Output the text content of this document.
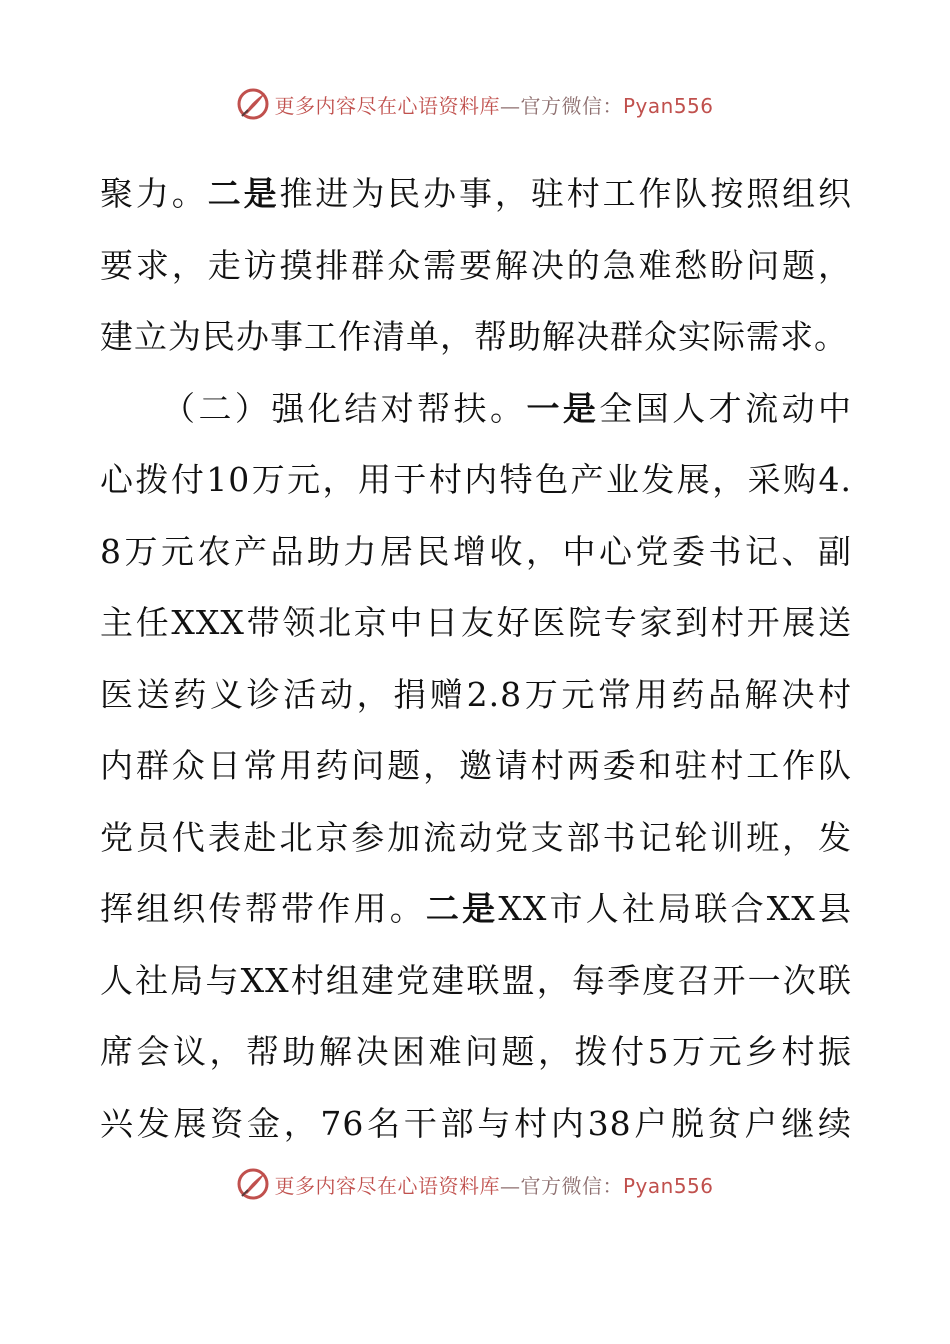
更多内容尽在心语资料库—官方微信：Pyan556
聚力。二是推进为民办事，驻村工作队按照组织
要求，走访摸排群众需要解决的急难愁盼问题，
建立为民办事工作清单，帮助解决群众实际需求。
（二）强化结对帮扶。一是全国人才流动中
心拨付10万元，用于村内特色产业发展，采购4.
8万元农产品助力居民增收，中心党委书记、副
主任XXX带领北京中日友好医院专家到村开展送
医送药义诊活动，捐赠2.8万元常用药品解决村
内群众日常用药问题，邀请村两委和驻村工作队
党员代表赴北京参加流动党支部书记轮训班，发
挥组织传帮带作用。二是XX市人社局联合XX县
人社局与XX村组建党建联盟，每季度召开一次联
席会议，帮助解决困难问题，拨付5万元乡村振
兴发展资金，76名干部与村内38户脱贫户继续
更多内容尽在心语资料库—官方微信：Pyan556
